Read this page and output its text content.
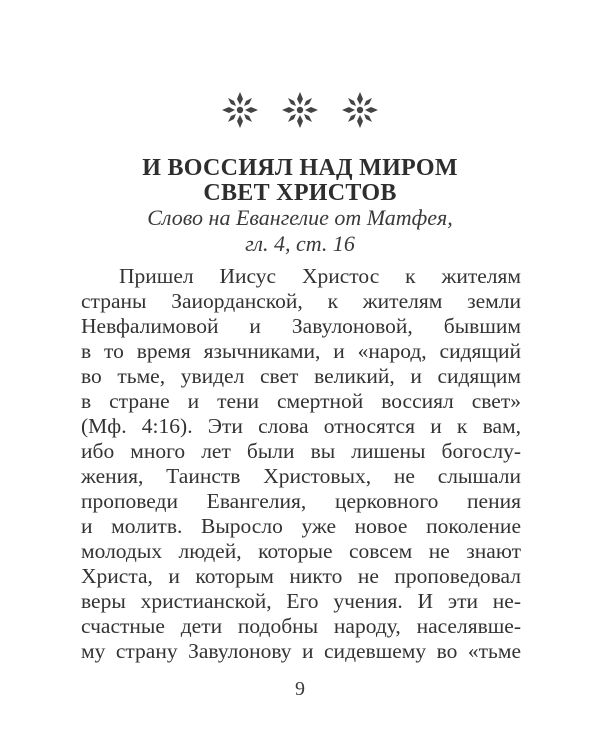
И ВОССИЯЛ НАД МИРОМ
СВЕТ ХРИСТОВ
Слово на Евангелие от Матфея,
гл. 4, ст. 16
Пришел Иисус Христос к жителям
страны Заиорданской, к жителям земли
Невфалимовой и Завулоновой, бывшим
в то время язычниками, и «народ, сидящий
во тьме, увидел свет великий, и сидящим
в стране и тени смертной воссиял свет»
(Мф. 4:16). Эти слова относятся и к вам,
ибо много лет были вы лишены богослу-
жения, Таинств Христовых, не слышали
проповеди Евангелия, церковного пения
и молитв. Выросло уже новое поколение
молодых людей, которые совсем не знают
Христа, и которым никто не проповедовал
веры христианской, Его учения. И эти не-
счастные дети подобны народу, населявше-
му страну Завулонову и сидевшему во «тьме
9
